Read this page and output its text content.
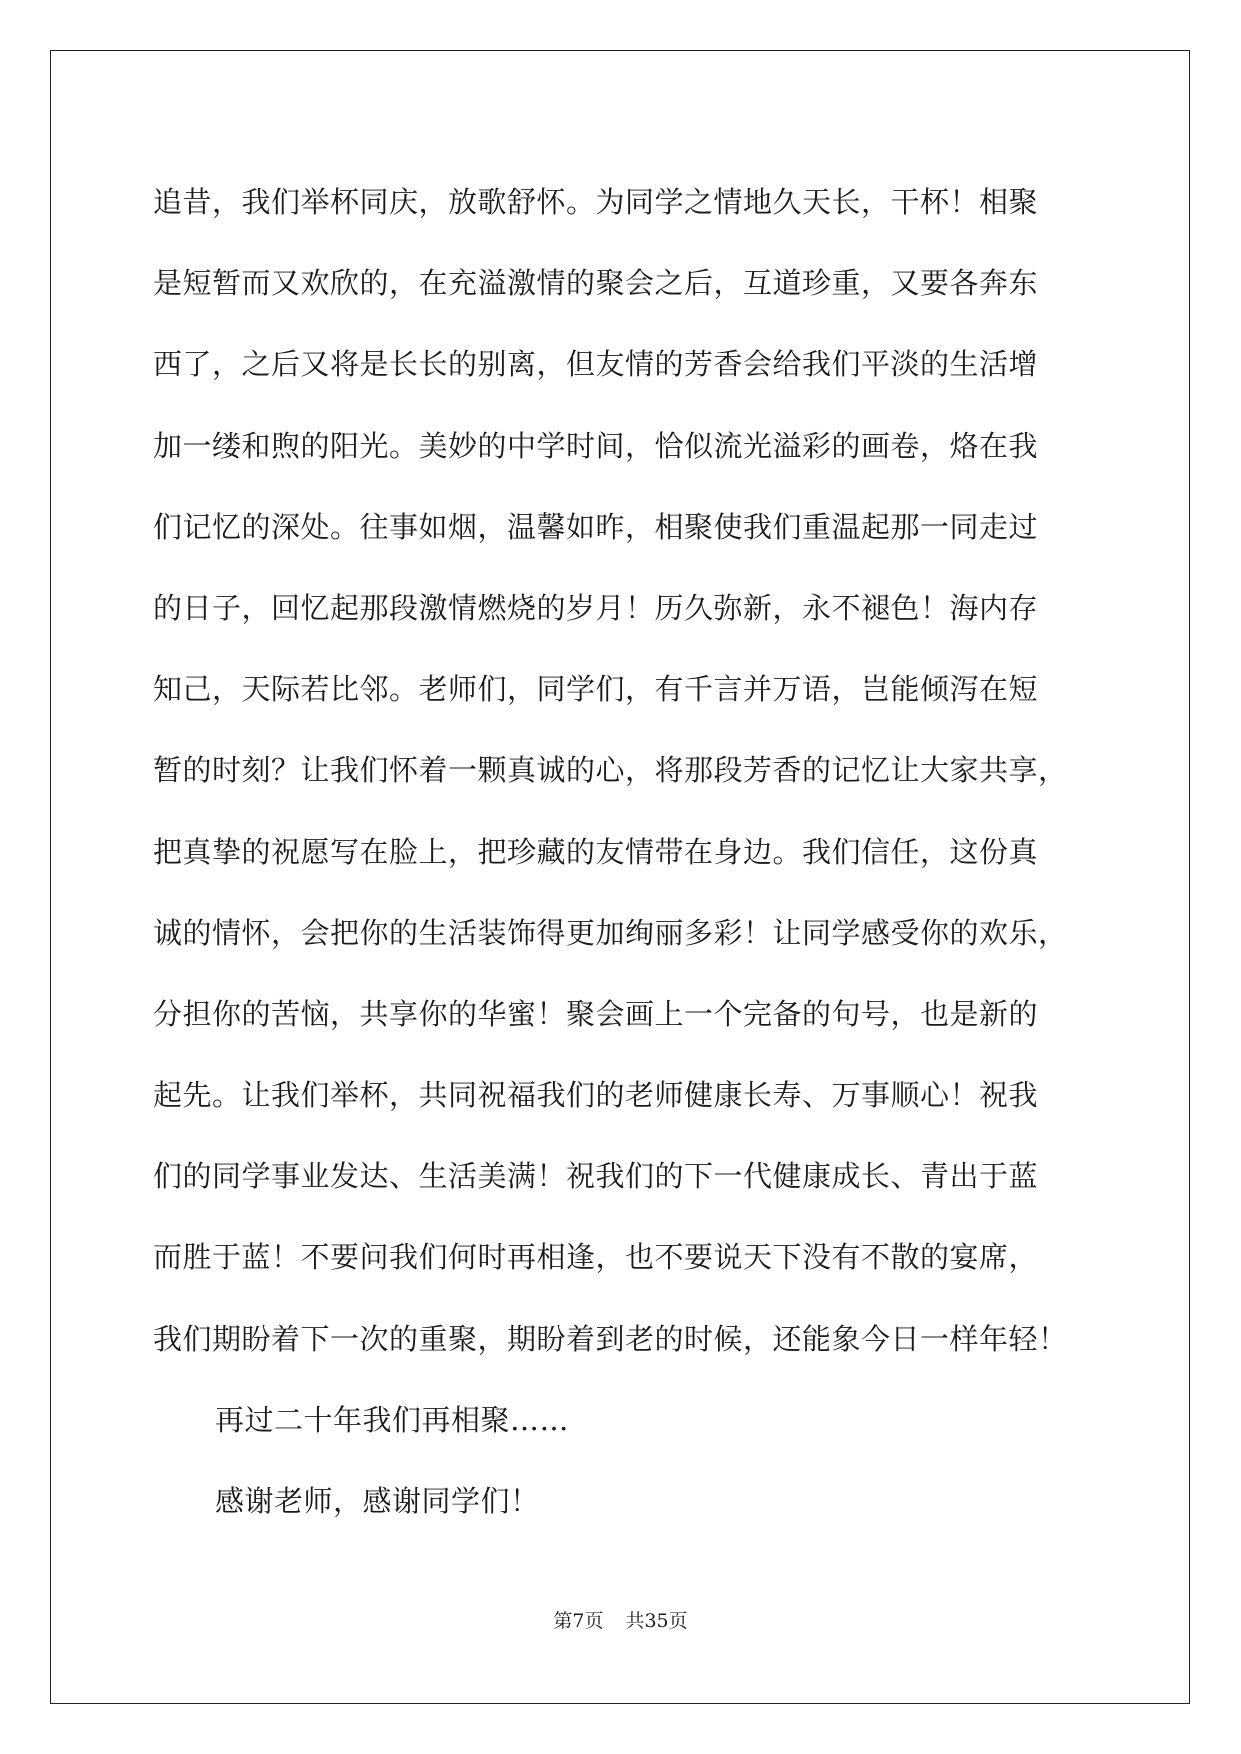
追昔，我们举杯同庆，放歌舒怀。为同学之情地久天长，干杯！相聚
是短暂而又欢欣的，在充溢激情的聚会之后，互道珍重，又要各奔东
西了，之后又将是长长的别离，但友情的芳香会给我们平淡的生活增
加一缕和煦的阳光。美妙的中学时间，恰似流光溢彩的画卷，烙在我
们记忆的深处。往事如烟，温馨如昨，相聚使我们重温起那一同走过
的日子，回忆起那段激情燃烧的岁月！历久弥新，永不褪色！海内存
知己，天际若比邻。老师们，同学们，有千言并万语，岂能倾泻在短
暂的时刻？让我们怀着一颗真诚的心，将那段芳香的记忆让大家共享，
把真挚的祝愿写在脸上，把珍藏的友情带在身边。我们信任，这份真
诚的情怀，会把你的生活装饰得更加绚丽多彩！让同学感受你的欢乐，
分担你的苦恼，共享你的华蜜！聚会画上一个完备的句号，也是新的
起先。让我们举杯，共同祝福我们的老师健康长寿、万事顺心！祝我
们的同学事业发达、生活美满！祝我们的下一代健康成长、青出于蓝
而胜于蓝！不要问我们何时再相逢，也不要说天下没有不散的宴席，
我们期盼着下一次的重聚，期盼着到老的时候，还能象今日一样年轻！
再过二十年我们再相聚……
感谢老师，感谢同学们！
第7页 共35页
